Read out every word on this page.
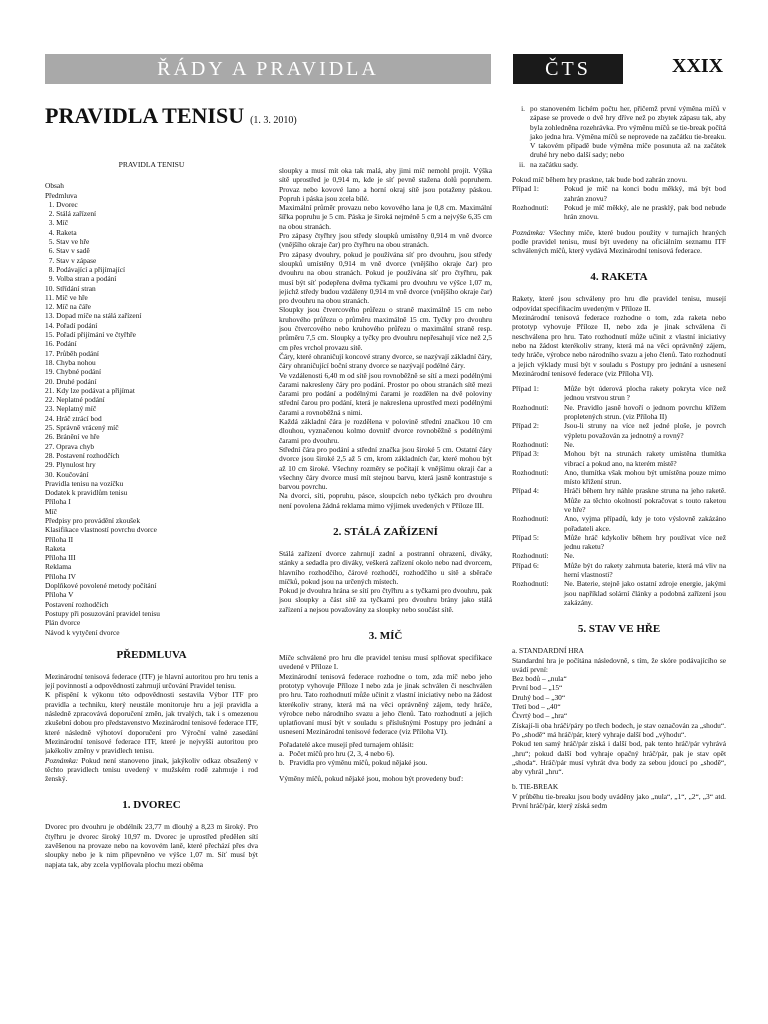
ŘÁDY A PRAVIDLA	ČTS	XXIX
PRAVIDLA TENISU (1. 3. 2010)
PRAVIDLA TENISU
Obsah
Předmluva
1. Dvorec
2. Stálá zařízení
3. Míč
4. Raketa
5. Stav ve hře
6. Stav v sadě
7. Stav v zápase
8. Podávající a přijímající
9. Volba stran a podání
10. Střídání stran
11. Míč ve hře
12. Míč na čáře
13. Dopad míče na stálá zařízení
14. Pořadí podání
15. Pořadí přijímání ve čtyřhře
16. Podání
17. Průběh podání
18. Chyba nohou
19. Chybné podání
20. Druhé podání
21. Kdy lze podávat a přijímat
22. Neplatné podání
23. Neplatný míč
24. Hráč ztrácí bod
25. Správně vrácený míč
26. Bránění ve hře
27. Oprava chyb
28. Postavení rozhodčích
29. Plynulost hry
30. Koučování
Pravidla tenisu na vozíčku
Dodatek k pravidlům tenisu
Příloha I
Míč
Předpisy pro provádění zkoušek
Klasifikace vlastností povrchu dvorce
Příloha II
Raketa
Příloha III
Reklama
Příloha IV
Doplňkové povolené metody počítání
Příloha V
Postavení rozhodčích
Postupy při posuzování pravidel tenisu
Plán dvorce
Návod k vytyčení dvorce
PŘEDMLUVA

Mezinárodní tenisová federace (ITF) je hlavní autoritou pro hru tenis a její povinností a odpovědností zahrnují určování Pravidel tenisu.

K přispění k výkonu této odpovědnosti sestavila Výbor ITF pro pravidla a techniku, který neustále monitoruje hru a její pravidla a následně zpracovává doporučení změn, jak trvalých, tak i s omezenou zkušební dobou pro představenstvo Mezinárodní tenisové federace ITF, které následně výhotoví doporučení pro Výroční valné zasedání Mezinárodní tenisové federace ITF, které je nejvyšší autoritou pro jakékoliv změny v pravidlech tenisu.

Poznámka: Pokud není stanoveno jinak, jakýkoliv odkaz obsažený v těchto pravidlech tenisu uvedený v mužském rodě zahrnuje i rod ženský.

1. DVOREC

Dvorec pro dvouhru je obdélník 23,77 m dlouhý a 8,23 m široký. Pro čtyřhru je dvorec široký 10,97 m. Dvorec je uprostřed předělen sítí zavěšenou na provaze nebo na kovovém laně, které přechází přes dva sloupky nebo je k nim připevněno ve výšce 1,07 m. Síť musí být napjata tak, aby zcela vyplňovala plochu mezi oběma

sloupky a musí mít oka tak malá, aby jimi míč nemohl projít. Výška sítě uprostřed je 0,914 m, kde je síť pevně stažena dolů popruhem. Provaz nebo kovové lano a horní okraj sítě jsou potaženy páskou. Popruh i páska jsou zcela bílé.

Maximální průměr provazu nebo kovového lana je 0,8 cm. Maximální šířka popruhu je 5 cm. Páska je široká nejméně 5 cm a nejvýše 6,35 cm na obou stranách.

Pro zápasy čtyřhry jsou středy sloupků umístěny 0,914 m vně dvorce (vnějšího okraje čar) pro čtyřhru na obou stranách.

Pro zápasy dvouhry, pokud je používána síť pro dvouhru, jsou středy sloupků umístěny 0,914 m vně dvorce (vnějšího okraje čar) pro dvouhru na obou stranách. Pokud je používána síť pro čtyřhru, pak musí být síť podepřena dvěma tyčkami pro dvouhru ve výšce 1,07 m, jejichž středy budou vzdáleny 0,914 m vně dvorce (vnějšího okraje čar) pro dvouhru na obou stranách.

Sloupky jsou čtvercového průřezu o straně maximálně 15 cm nebo kruhového průřezu o průměru maximálně 15 cm. Tyčky pro dvouhru jsou čtvercového nebo kruhového průřezu o maximální straně resp. průměru 7,5 cm. Sloupky a tyčky pro dvouhru nepřesahují více než 2,5 cm přes vrchol provazu sítě.

Čáry, které ohraničují koncové strany dvorce, se nazývají základní čáry, čáry ohraničující boční strany dvorce se nazývají podélné čáry.

Ve vzdálenosti 6,40 m od sítě jsou rovnoběžně se sítí a mezi podélnými čarami nakresleny čáry pro podání. Prostor po obou stranách sítě mezi čarami pro podání a podélnými čarami je rozdělen na dvě poloviny střední čarou pro podání, která je nakreslena uprostřed mezi podélnými čarami a rovnoběžná s nimi.

Každá základní čára je rozdělena v polovině střední značkou 10 cm dlouhou, vyznačenou kolmo dovnitř dvorce rovnoběžně s podélnými čarami pro dvouhru.

Střední čára pro podání a střední značka jsou široké 5 cm. Ostatní čáry dvorce jsou široké 2,5 až 5 cm, krom základních čar, které mohou být až 10 cm široké. Všechny rozměry se počítají k vnějšímu okraji čar a všechny čáry dvorce musí mít stejnou barvu, která jasně kontrastuje s barvou povrchu.

Na dvorci, síti, popruhu, pásce, sloupcích nebo tyčkách pro dvouhru není povolena žádná reklama mimo výjimek uvedených v Příloze III.

2. STÁLÁ ZAŘÍZENÍ

Stálá zařízení dvorce zahrnují zadní a postranní ohrazení, diváky, stánky a sedadla pro diváky, veškerá zařízení okolo nebo nad dvorcem, hlavního rozhodčího, čárové rozhodčí, rozhodčího u sítě a sběrače míčků, pokud jsou na určených místech.

Pokud je dvouhra hrána se sítí pro čtyřhru a s tyčkami pro dvouhru, pak jsou sloupky a část sítě za tyčkami pro dvouhru brány jako stálá zařízení a nejsou považovány za sloupky nebo součást sítě.

3. MÍČ

Míče schválené pro hru dle pravidel tenisu musí splňovat specifikace uvedené v Příloze I.

Mezinárodní tenisová federace rozhodne o tom, zda míč nebo jeho prototyp vyhovuje Příloze I nebo zda je jinak schválen či neschválen pro hru. Tato rozhodnutí může učinit z vlastní iniciativy nebo na žádost kterékoliv strany, která má na věci oprávněný zájem, tedy hráče, výrobce nebo národního svazu a jeho členů. Tato rozhodnutí a jejich uplatňovaní musí být v souladu s příslušnými Postupy pro jednání a usnesení Mezinárodní tenisové federace (viz Příloha VI).

Pořadatelé akce musejí před turnajem ohlásit:

a. Počet míčů pro hru (2, 3, 4 nebo 6).
b. Pravidla pro výměnu míčů, pokud nějaké jsou.

Výměny míčů, pokud nějaké jsou, mohou být provedeny buď:

i. po stanoveném lichém počtu her, přičemž první výměna míčů v zápase se provede o dvě hry dříve než po zbytek zápasu tak, aby byla zohledněna rozehrávka. Pro výměnu míčů se tie-break počítá jako jedna hra. Výměna míčů se neprovede na začátku tie-breaku. V takovém případě bude výměna míče posunuta až na začátek druhé hry nebo další sady; nebo
ii. na začátku sady.

Pokud míč během hry praskne, tak bude bod zahrán znovu.

Případ 1:	Pokud je míč na konci bodu měkký, má být bod zahrán znovu?
Rozhodnutí:	Pokud je míč měkký, ale ne prasklý, pak bod nebude hrán znovu.

Poznámka: Všechny míče, které budou použity v turnajích hraných podle pravidel tenisu, musí být uvedeny na oficiálním seznamu ITF schválených míčů, který vydává Mezinárodní tenisová federace.

4. RAKETA

Rakety, které jsou schváleny pro hru dle pravidel tenisu, musejí odpovídat specifikacím uvedeným v Příloze II.

Mezinárodní tenisová federace rozhodne o tom, zda raketa nebo prototyp vyhovuje Příloze II, nebo zda je jinak schválena či neschválena pro hru. Tato rozhodnutí může učinit z vlastní iniciativy nebo na žádost kterékoliv strany, která má na věci oprávněný zájem, tedy hráče, výrobce nebo národního svazu a jeho členů. Tato rozhodnutí a jejich výklady musí být v souladu s Postupy pro jednání a usnesení Mezinárodní tenisové federace (viz Příloha VI).

Případ 1:	Může být úderová plocha rakety pokryta více než jednou vrstvou strun ?
Rozhodnutí:	Ne. Pravidlo jasně hovoří o jednom povrchu křížem propletených strun. (viz Příloha II)
Případ 2:	Jsou-li struny na více než jedné ploše, je povrch výpletu považován za jednotný a rovný?
Rozhodnutí:	Ne.
Případ 3:	Mohou být na strunách rakety umístěna tlumítka vibrací a pokud ano, na kterém místě?
Rozhodnutí:	Ano, tlumítka však mohou být umístěna pouze mimo místo křížení strun.
Případ 4:	Hráči během hry náhle praskne struna na jeho raketě. Může za těchto okolností pokračovat s touto raketou ve hře?
Rozhodnutí:	Ano, vyjma případů, kdy je toto výslovně zakázáno pořadateli akce.
Případ 5:	Může hráč kdykoliv během hry používat více než jednu raketu?
Rozhodnutí:	Ne.
Případ 6:	Může být do rakety zahrnuta baterie, která má vliv na herní vlastnosti?
Rozhodnutí:	Ne. Baterie, stejně jako ostatní zdroje energie, jakými jsou například solární články a podobná zařízení jsou zakázány.
5. STAV VE HŘE

a. STANDARDNÍ HRA

Standardní hra je počítána následovně, s tím, že skóre podávajícího se uvádí první:

Bez bodů – „nula“
První bod – „15“
Druhý bod – „30“
Třetí bod – „40“
Čtvrtý bod – „hra“

Získají-li oba hráči/páry po třech bodech, je stav označován za „shodu“. Po „shodě“ má hráč/pár, který vyhraje další bod „výhodu“.

Pokud ten samý hráč/pár získá i další bod, pak tento hráč/pár vyhrává „hru“; pokud další bod vyhraje opačný hráč/pár, pak je stav opět „shoda“. Hráč/pár musí vyhrát dva body za sebou jdoucí po „shodě“, aby vyhrál „hru“.

b. TIE-BREAK

V průběhu tie-breaku jsou body uváděny jako „nula“, „1“, „2“, „3“ atd. První hráč/pár, který získá sedm
